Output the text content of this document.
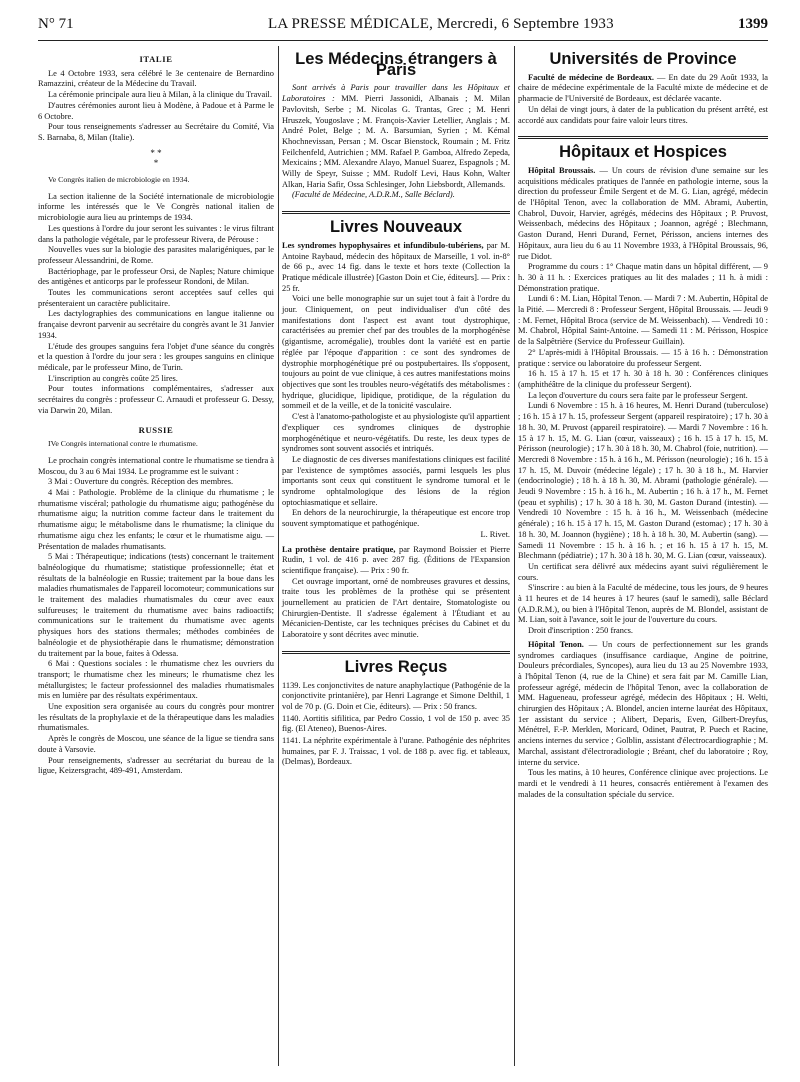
N° 71	LA PRESSE MÉDICALE, Mercredi, 6 Septembre 1933	1399
ITALIE

Le 4 Octobre 1933, sera célébré le 3e centenaire de Bernardino Ramazzini, créateur de la Médecine du Travail.

La cérémonie principale aura lieu à Milan, à la clinique du Travail.

D'autres cérémonies auront lieu à Modène, à Padoue et à Parme le 6 Octobre.

Pour tous renseignements s'adresser au Secrétaire du Comité, Via S. Barnaba, 8, Milan (Italie).

* *
*

Ve Congrès italien de microbiologie en 1934.

La section italienne de la Société internationale de microbiologie informe les intéressés que le Ve Congrès national italien de microbiologie aura lieu au printemps de 1934.

Les questions à l'ordre du jour seront les suivantes : le virus filtrant dans la pathologie végétale, par le professeur Rivera, de Pérouse :

Nouvelles vues sur la biologie des parasites malarigéniques, par le professeur Alessandrini, de Rome.

Bactériophage, par le professeur Orsi, de Naples; Nature chimique des antigènes et anticorps par le professeur Rondoni, de Milan.

Toutes les communications seront acceptées sauf celles qui présenteraient un caractère publicitaire.

Les dactylographies des communications en langue italienne ou française devront parvenir au secrétaire du congrès avant le 31 Janvier 1934.

L'étude des groupes sanguins fera l'objet d'une séance du congrès et la question à l'ordre du jour sera : les groupes sanguins en clinique médicale, par le professeur Mino, de Turin.

L'inscription au congrès coûte 25 lires.

Pour toutes informations complémentaires, s'adresser aux secrétaires du congrès : professeur C. Arnaudi et professeur G. Dessy, via Darwin 20, Milan.

RUSSIE

IVe Congrès international contre le rhumatisme.

Le prochain congrès international contre le rhumatisme se tiendra à Moscou, du 3 au 6 Mai 1934. Le programme est le suivant :

3 Mai : Ouverture du congrès. Réception des membres.

4 Mai : Pathologie. Problème de la clinique du rhumatisme ; le rhumatisme viscéral; pathologie du rhumatisme aigu; pathogénèse du rhumatisme aigu; la nutrition comme facteur dans le traitement du rhumatisme aigu; le métabolisme dans le rhumatisme; la clinique du rhumatisme aigu chez les enfants; le cœur et le rhumatisme aigu. —Présentation de malades rhumatisants.

5 Mai : Thérapeutique; indications (tests) concernant le traitement balnéologique du rhumatisme; statistique professionnelle; état et résultats de la balnéologie en Russie; traitement par la boue dans les maladies rhumatismales de l'appareil locomoteur; communications sur le traitement des maladies rhumatismales du cœur avec eaux sulfureuses; le traitement du rhumatisme avec bains radioactifs; communications sur le traitement du rhumatisme avec agents physiques hors des stations thermales; méthodes combinées de balnéologie et de physiothérapie dans le rhumatisme; démonstration du traitement par la boue, faites à Odessa.

6 Mai : Questions sociales : le rhumatisme chez les ouvriers du transport; le rhumatisme chez les mineurs; le rhumatisme chez les métallurgistes; le facteur professionnel des maladies rhumatismales mis en lumière par des résultats expérimentaux.

Une exposition sera organisée au cours du congrès pour montrer les résultats de la prophylaxie et de la thérapeutique dans les maladies rhumatismales.

Après le congrès de Moscou, une séance de la ligue se tiendra sans doute à Varsovie.

Pour renseignements, s'adresser au secrétariat du bureau de la ligue, Keizersgracht, 489-491, Amsterdam.

Les Médecins étrangers à Paris

Sont arrivés à Paris pour travailler dans les Hôpitaux et Laboratoires : MM. Pierri Jassonidi, Albanais ; M. Milan Pavlovitsh, Serbe ; M. Nicolas G. Trantas, Grec ; M. Henri Hruszek, Yougoslave ; M. François-Xavier Letellier, Anglais ; M. André Polet, Belge ; M. A. Barsumian, Syrien ; M. Kémal Khochnevissan, Persan ; M. Oscar Bienstock, Roumain ; M. Fritz Feilchenfeld, Autrichien ; MM. Rafael P. Gamboa, Alfredo Zepeda, Mexicains ; MM. Alexandre Alayo, Manuel Suarez, Espagnols ; M. Willy de Speyr, Suisse ; MM. Rudolf Levi, Haus Kohn, Walter Alkan, Haria Safir, Ossa Schlesinger, John Liebsbordt, Allemands.

(Faculté de Médecine, A.D.R.M., Salle Béclard).

Livres Nouveaux

Les syndromes hypophysaires et infundibulo-tubériens, par M. Antoine Raybaud, médecin des hôpitaux de Marseille, 1 vol. in-8° de 66 p., avec 14 fig. dans le texte et hors texte (Collection la Pratique médicale illustrée) [Gaston Doin et Cie, éditeurs]. — Prix : 25 fr.

Voici une belle monographie sur un sujet tout à fait à l'ordre du jour. Cliniquement, on peut individualiser d'un côté des manifestations dont l'aspect est avant tout dystrophique, caractérisées au premier chef par des troubles de la morphogénèse (gigantisme, acromégalie), troubles dont la variété est en partie réglée par l'époque d'apparition : ce sont des syndromes de dystrophie morphogénétique pré ou postpubertaires. Ils s'opposent, toujours au point de vue clinique, à ces autres manifestations moins objectives que sont les troubles neuro-végétatifs des métabolismes : hydrique, glucidique, lipidique, protidique, de la régulation du sommeil et de la veille, et de la tonicité vasculaire.

C'est à l'anatomo-pathologiste et au physiologiste qu'il appartient d'expliquer ces syndromes cliniques de dystrophie morphogénétique et neuro-végétatifs. Du reste, les deux types de syndromes sont souvent associés et intriqués.

Le diagnostic de ces diverses manifestations cliniques est facilité par l'existence de symptômes associés, parmi lesquels les plus importants sont ceux qui constituent le syndrome tumoral et le syndrome ophtalmologique des lésions de la région optochiasmatique et sellaire.

En dehors de la neurochirurgie, la thérapeutique est encore trop souvent symptomatique et pathogénique.

L. Rivet.

La prothèse dentaire pratique, par Raymond Boissier et Pierre Rudin, 1 vol. de 416 p. avec 287 fig. (Éditions de l'Expansion scientifique française). — Prix : 90 fr.

Cet ouvrage important, orné de nombreuses gravures et dessins, traite tous les problèmes de la prothèse qui se présentent journellement au praticien de l'Art dentaire, Stomatologiste ou Chirurgien-Dentiste. Il s'adresse également à l'Étudiant et au Mécanicien-Dentiste, car les techniques précises du Cabinet et du Laboratoire y sont décrites avec minutie.

Livres Reçus

1139. Les conjonctivites de nature anaphylactique (Pathogénie de la conjonctivite printanière), par Henri Lagrange et Simone Delthil, 1 vol de 70 p. (G. Doin et Cie, éditeurs). — Prix : 50 francs.

1140. Aortitis sifilitica, par Pedro Cossio, 1 vol de 150 p. avec 35 fig. (El Ateneo), Buenos-Aires.

1141. La néphrite expérimentale à l'urane. Pathogénie des néphrites humaines, par F. J. Traissac, 1 vol. de 188 p. avec fig. et tableaux, (Delmas), Bordeaux.

Universités de Province

Faculté de médecine de Bordeaux. — En date du 29 Août 1933, la chaire de médecine expérimentale de la Faculté mixte de médecine et de pharmacie de l'Université de Bordeaux, est déclarée vacante.

Un délai de vingt jours, à dater de la publication du présent arrêté, est accordé aux candidats pour faire valoir leurs titres.

Hôpitaux et Hospices

Hôpital Broussais. — Un cours de révision d'une semaine sur les acquisitions médicales pratiques de l'année en pathologie interne, sous la direction du professeur Émile Sergent et de M. G. Lian, agrégé, médecin de l'Hôpital Tenon, avec la collaboration de MM. Abrami, Aubertin, Chabrol, Duvoir, Harvier, agrégés, médecins des Hôpitaux ; P. Pruvost, Weissenbach, médecins des Hôpitaux ; Joannon, agrégé ; Blechmann, Gaston Durand, Henri Durand, Fernet, Périsson, anciens internes des Hôpitaux, aura lieu du 6 au 11 Novembre 1933, à l'Hôpital Broussais, 96, rue Didot.

Programme du cours : 1° Chaque matin dans un hôpital différent, — 9 h. 30 à 11 h. : Exercices pratiques au lit des malades ; 11 h. à midi : Démonstration pratique.

Lundi 6 : M. Lian, Hôpital Tenon. — Mardi 7 : M. Aubertin, Hôpital de la Pitié. — Mercredi 8 : Professeur Sergent, Hôpital Broussais. — Jeudi 9 : M. Fernet, Hôpital Broca (service de M. Weissenbach). — Vendredi 10 : M. Chabrol, Hôpital Saint-Antoine. — Samedi 11 : M. Périsson, Hospice de la Salpêtrière (Service du Professeur Guillain).

2° L'après-midi à l'Hôpital Broussais. — 15 à 16 h. : Démonstration pratique : service ou laboratoire du professeur Sergent.

16 h. 15 à 17 h. 15 et 17 h. 30 à 18 h. 30 : Conférences cliniques (amphithéâtre de la clinique du professeur Sergent).

La leçon d'ouverture du cours sera faite par le professeur Sergent.

Lundi 6 Novembre : 15 h. à 16 heures, M. Henri Durand (tuberculose) ; 16 h. 15 à 17 h. 15, professeur Sergent (appareil respiratoire) ; 17 h. 30 à 18 h. 30, M. Pruvost (appareil respiratoire). — Mardi 7 Novembre : 16 h. 15 à 17 h. 15, M. G. Lian (cœur, vaisseaux) ; 16 h. 15 à 17 h. 15, M. Périsson (neurologie) ; 17 h. 30 à 18 h. 30, M. Chabrol (foie, nutrition). — Mercredi 8 Novembre : 15 h. à 16 h., M. Périsson (neurologie) ; 16 h. 15 à 17 h. 15, M. Duvoir (médecine légale) ; 17 h. 30 à 18 h., M. Harvier (endocrinologie) ; 18 h. à 18 h. 30, M. Abrami (pathologie générale). — Jeudi 9 Novembre : 15 h. à 16 h., M. Aubertin ; 16 h. à 17 h., M. Fernet (peau et syphilis) ; 17 h. 30 à 18 h. 30, M. Gaston Durand (intestin). — Vendredi 10 Novembre : 15 h. à 16 h., M. Weissenbach (médecine générale) ; 16 h. 15 à 17 h. 15, M. Gaston Durand (estomac) ; 17 h. 30 à 18 h. 30, M. Joannon (hygiène) ; 18 h. à 18 h. 30, M. Aubertin (sang). — Samedi 11 Novembre : 15 h. à 16 h. ; et 16 h. 15 à 17 h. 15, M. Blechmann (pédiatrie) ; 17 h. 30 à 18 h. 30, M. G. Lian (cœur, vaisseaux).

Un certificat sera délivré aux médecins ayant suivi régulièrement le cours.

S'inscrire : au bien à la Faculté de médecine, tous les jours, de 9 heures à 11 heures et de 14 heures à 17 heures (sauf le samedi), salle Béclard (A.D.R.M.), ou bien à l'Hôpital Tenon, auprès de M. Blondel, assistant de M. Lian, soit à l'avance, soit le jour de l'ouverture du cours.

Droit d'inscription : 250 francs.

Hôpital Tenon. — Un cours de perfectionnement sur les grands syndromes cardiaques (insuffisance cardiaque, Angine de poitrine, Douleurs précordiales, Syncopes), aura lieu du 13 au 25 Novembre 1933, à l'hôpital Tenon (4, rue de la Chine) et sera fait par M. Camille Lian, professeur agrégé, médecin de l'hôpital Tenon, avec la collaboration de MM. Hagueneau, professeur agrégé, médecin des Hôpitaux ; H. Welti, chirurgien des Hôpitaux ; A. Blondel, ancien interne lauréat des Hôpitaux, 1er assistant du service ; Alibert, Deparis, Even, Gilbert-Dreyfus, Ménétrel, F.-P. Merklen, Moricard, Odinet, Pautrat, P. Puech et Racine, anciens internes du service ; Golblin, assistant d'électrocardiographie ; M. Marchal, assistant d'électroradiologie ; Bréant, chef du laboratoire ; Roy, interne du service.

Tous les matins, à 10 heures, Conférence clinique avec projections. Le mardi et le vendredi à 11 heures, consacrés entièrement à l'examen des malades de la consultation spéciale du service.
